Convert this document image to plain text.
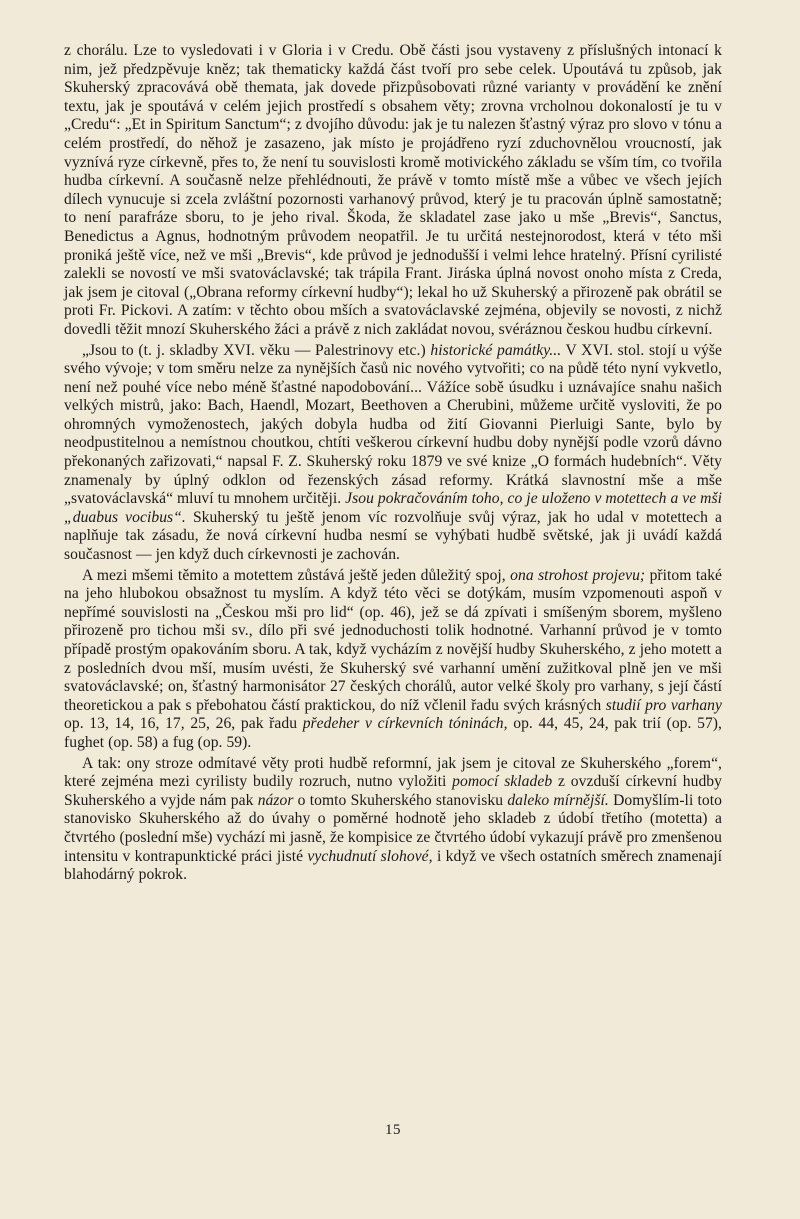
z chorálu. Lze to vysledovati i v Gloria i v Credu. Obě části jsou vystaveny z příslušných intonací k nim, jež předzpěvuje kněz; tak thematicky každá část tvoří pro sebe celek. Upoutává tu způsob, jak Skuherský zpracovává obě themata, jak dovede přizpůsobovati různé varianty v provádění ke znění textu, jak je spoutává v celém jejich prostředí s obsahem věty; zrovna vrcholnou dokonalostí je tu v „Credu“: „Et in Spiritum Sanctum“; z dvojího důvodu: jak je tu nalezen šťastný výraz pro slovo v tónu a celém prostředí, do něhož je zasazeno, jak místo je projádřeno ryzí zduchovnělou vroucností, jak vyznívá ryze církevně, přes to, že není tu souvislosti kromě motivického základu se vším tím, co tvořila hudba církevní. A současně nelze přehlédnouti, že právě v tomto místě mše a vůbec ve všech jejích dílech vynucuje si zcela zvláštní pozornosti varhanový průvod, který je tu pracován úplně samostatně; to není parafráze sboru, to je jeho rival. Škoda, že skladatel zase jako u mše „Brevis“, Sanctus, Benedictus a Agnus, hodnotným průvodem neopatřil. Je tu určitá nestejnorodost, která v této mši proniká ještě více, než ve mši „Brevis“, kde průvod je jednodušší i velmi lehce hratelný. Přísní cyrilisté zalekli se novostí ve mši svatováclavské; tak trápila Frant. Jiráska úplná novost onoho místa z Creda, jak jsem je citoval („Obrana reformy církevní hudby“); lekal ho už Skuherský a přirozeně pak obrátil se proti Fr. Pickovi. A zatím: v těchto obou mších a svatováclavské zejména, objevily se novosti, z nichž dovedli těžit mnozí Skuherského žáci a právě z nich zakládat novou, svéráznou českou hudbu církevní.

„Jsou to (t. j. skladby XVI. věku — Palestrinovy etc.) historické památky... V XVI. stol. stojí u výše svého vývoje; v tom směru nelze za nynějších časů nic nového vytvořiti; co na půdě této nyní vykvetlo, není než pouhé více nebo méně šťastné napodobování... Vážíce sobě úsudku i uznávajíce snahu našich velkých mistrů, jako: Bach, Haendl, Mozart, Beethoven a Cherubini, můžeme určitě vysloviti, že po ohromných vymoženostech, jakých dobyla hudba od žití Giovanni Pierluigi Sante, bylo by neodpustitelnou a nemístnou choutkou, chtíti veškerou církevní hudbu doby nynější podle vzorů dávno překonaných zařizovati,“ napsal F. Z. Skuherský roku 1879 ve své knize „O formách hudebních“. Věty znamenaly by úplný odklon od řezenských zásad reformy. Krátká slavnostní mše a mše „svatováclavská“ mluví tu mnohem určitěji. Jsou pokračováním toho, co je uloženo v motettech a ve mši „duabus vocibus“. Skuherský tu ještě jenom víc rozvolňuje svůj výraz, jak ho udal v motettech a naplňuje tak zásadu, že nová církevní hudba nesmí se vyhýbati hudbě světské, jak ji uvádí každá současnost — jen když duch církevnosti je zachován.

A mezi mšemi těmito a motettem zůstává ještě jeden důležitý spoj, ona strohost projevu; přitom také na jeho hlubokou obsažnost tu myslím. A když této věci se dotýkám, musím vzpomenouti aspoň v nepřímé souvislosti na „Českou mši pro lid“ (op. 46), jež se dá zpívati i smíšeným sborem, myšleno přirozeně pro tichou mši sv., dílo při své jednoduchosti tolik hodnotné. Varhanní průvod je v tomto případě prostým opakováním sboru. A tak, když vycházím z novější hudby Skuherského, z jeho motett a z posledních dvou mší, musím uvésti, že Skuherský své varhanní umění zužitkoval plně jen ve mši svatováclavské; on, šťastný harmonisátor 27 českých chorálů, autor velké školy pro varhany, s její částí theoretickou a pak s přebohatou částí praktickou, do níž včlenil řadu svých krásných studií pro varhany op. 13, 14, 16, 17, 25, 26, pak řadu předeher v církevních tóninách, op. 44, 45, 24, pak trií (op. 57), fughet (op. 58) a fug (op. 59).

A tak: ony stroze odmítavé věty proti hudbě reformní, jak jsem je citoval ze Skuherského „forem“, které zejména mezi cyrilisty budily rozruch, nutno vyložiti pomocí skladeb z ovzduší církevní hudby Skuherského a vyjde nám pak názor o tomto Skuherského stanovisku daleko mírnější. Domyšlím-li toto stanovisko Skuherského až do úvahy o poměrné hodnotě jeho skladeb z údobí třetího (motetta) a čtvrtého (poslední mše) vychází mi jasně, že kompisice ze čtvrtého údobí vykazují právě pro zmenšenou intensitu v kontrapunktické práci jisté vychudnutí slohové, i když ve všech ostatních směrech znamenají blahodárný pokrok.

15
